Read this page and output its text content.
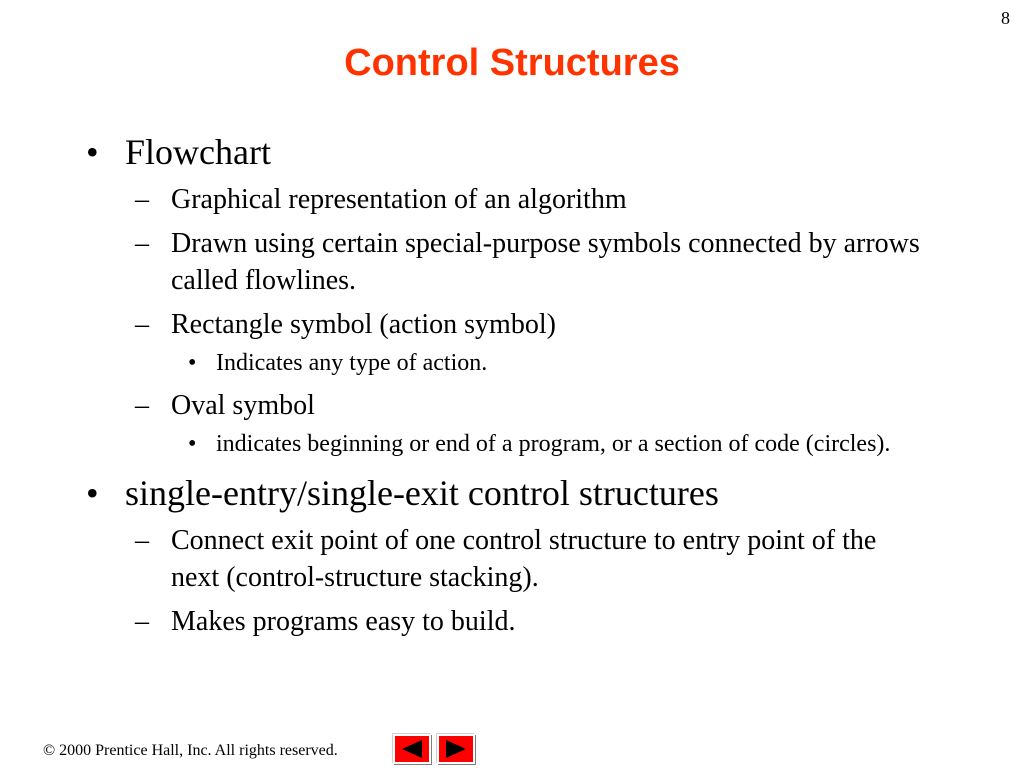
8
Control Structures
• Flowchart
– Graphical representation of an algorithm
– Drawn using certain special-purpose symbols connected by arrows called flowlines.
– Rectangle symbol (action symbol)
• Indicates any type of action.
– Oval symbol
• indicates beginning or end of a program, or a section of code (circles).
• single-entry/single-exit control structures
– Connect exit point of one control structure to entry point of the next (control-structure stacking).
– Makes programs easy to build.
© 2000 Prentice Hall, Inc. All rights reserved.
